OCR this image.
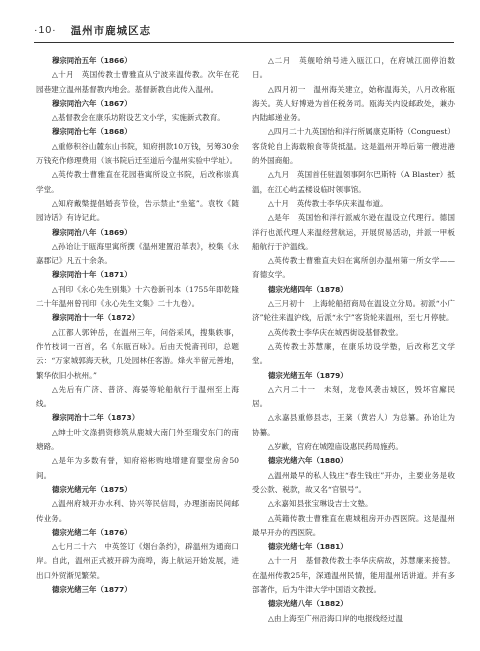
·10· 温州市鹿城区志

穆宗同治五年（1866）

△十月　英国传教士曹雅直从宁波来温传教。次年在花园巷建立温州基督教内地会。基督新教自此传入温州。

穆宗同治六年（1867）

△基督教会在康乐坊附设艺文小学，实施新式教育。

穆宗同治七年（1868）

△重修积谷山麓东山书院，知府捐款10万钱，另筹30余万钱充作修理费用（该书院后迁至道后今温州实验中学址）。

△英传教士曹雅直在花园巷寓所设立书院，后改称崇真学堂。

△知府戴槃提倡婚丧节俭，告示禁止“坐筵”。袁牧《随园诗话》有诗记此。

穆宗同治八年（1869）

△孙诒让于瓯海里寓所撰《温州建置沿革表》，校集《永嘉郡记》凡五十余条。

穆宗同治十年（1871）

△刊印《永心先生别集》十六卷新刊本（1755年即乾隆二十年温州曾刊印《永心先生文集》二十九卷）。

穆宗同治十一年（1872）

△江都人郭钟岳，在温州三年，问俗采风，搜集轶事，作竹枝词一百首，名《东瓯百咏》。后由天悦斋刊印，总题云：“万家城郭海天秋，几处园林任客游。烽火半留元善地，繁华依旧小杭州。”

△先后有广济、普济、海晏等轮船航行于温州至上海线。

穆宗同治十二年（1873）

△绅士叶文涤捐资修筑从鹿城大南门外至瑞安东门的南塘路。

△是年为多数有誉，知府裕彬购地增建育婴堂房舍50间。

德宗光绪元年（1875）

△温州府城开办水利、协兴等民信局，办理浙南民间邮传业务。

德宗光绪二年（1876）

△七月二十六　中英签订《烟台条约》，辟温州为通商口岸。自此，温州正式被开辟为商埠，海上航运开始发展，进出口外贸渐见繁荣。

德宗光绪三年（1877）

△二月　英舰哈纳号进入瓯江口，在府城江面停泊数日。

△四月初一　温州海关建立，始称温海关，八月改称瓯海关。英人好博逊为首任税务司。瓯海关内设邮政处，兼办内陆邮递业务。

△四月二十九英国怡和洋行所属康克斯特（Conguest）客货轮自上海载粮食等货抵温。这是温州开埠后第一艘进港的外国商船。

△九月　英国首任驻温领事阿尔巴斯特（A Blaster）抵温，在江心屿孟楼设临时领事馆。

△十月　英传教士李华庆来温布道。

△是年　英国怡和洋行派威尔逊在温设立代理行。德国洋行也派代理人来温经营航运，开展贸易活动，并派一甲板船航行于沪温线。

△英传教士曹雅直夫妇在寓所创办温州第一所女学——育德女学。

德宗光绪四年（1878）

△三月初十　上海轮船招商局在温设立分局。初派“小广济”轮往来温沪线，后派“永宁”客货轮来温州，至七月停驶。

△英传教士李华庆在城西街设基督教堂。

△英传教士苏慧廉，在康乐坊设学塾，后改称艺文学堂。

德宗光绪五年（1879）

△六月二十一　未刻，龙卷风袭击城区，毁坏官廨民居。

△永嘉县重修县志，王棻（黄岩人）为总纂。孙诒让为协纂。

△岁歉，官府在城隍庙设惠民药局施药。

德宗光绪六年（1880）

△温州最早的私人钱庄“春生钱庄”开办，主要业务是收受公款、税款，故又名“官银号”。

△永嘉知县张宝琳设吉士文塾。

△英籍传教士曹雅直在鹿城租房开办西医院。这是温州最早开办的西医院。

德宗光绪七年（1881）

△十一月　基督教传教士李华庆病故，苏慧廉来接替。在温州传教25年，深通温州民情，能用温州话讲道。并有多部著作，后为牛津大学中国语文教授。

德宗光绪八年（1882）

△由上海至广州沿海口岸的电报线经过温
